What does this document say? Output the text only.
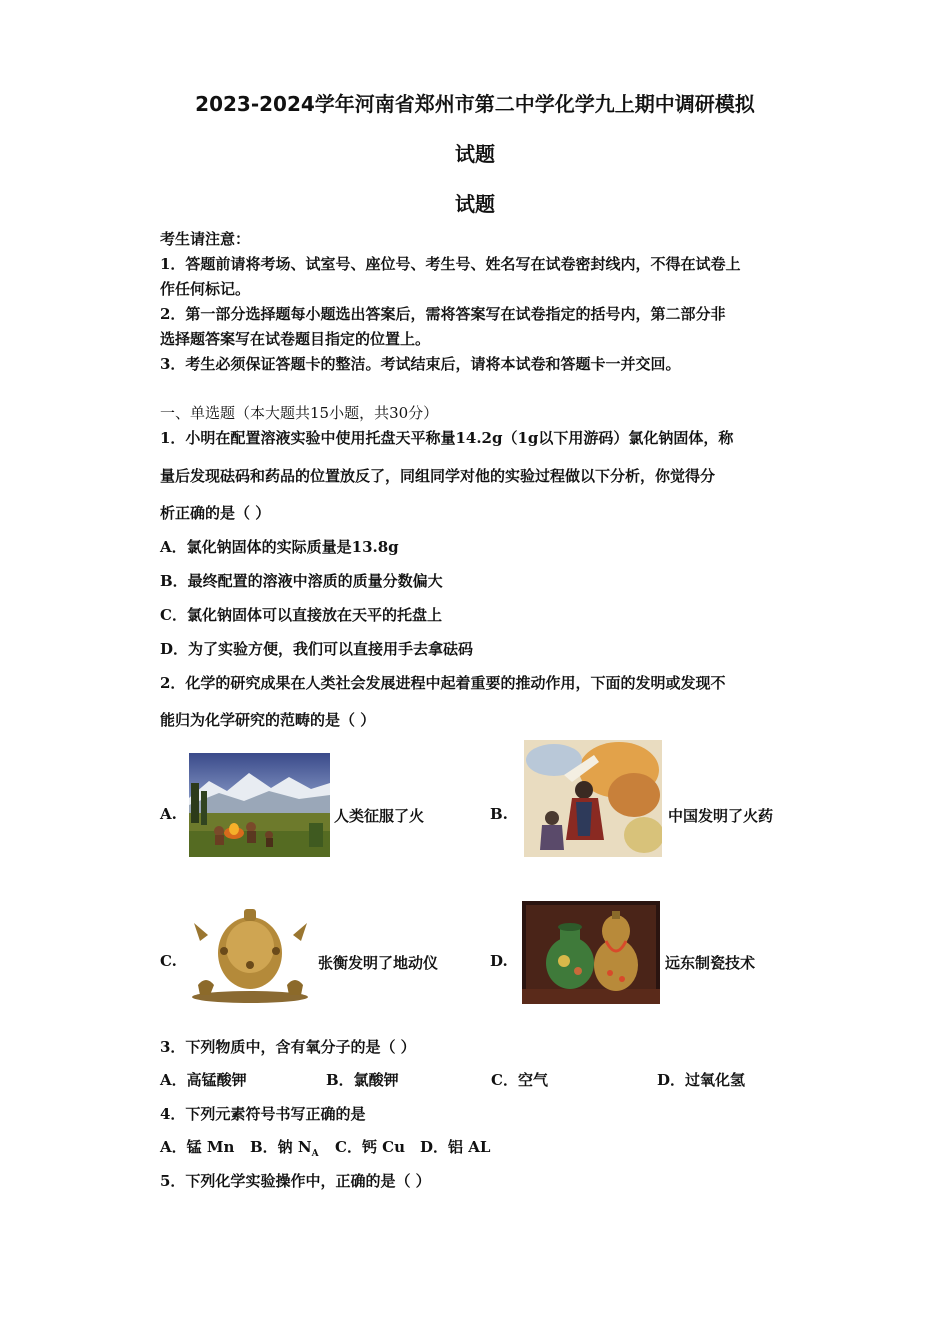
2023-2024学年河南省郑州市第二中学化学九上期中调研模拟
试题
试题
考生请注意：
1．答题前请将考场、试室号、座位号、考生号、姓名写在试卷密封线内，不得在试卷上
作任何标记。
2．第一部分选择题每小题选出答案后，需将答案写在试卷指定的括号内，第二部分非
选择题答案写在试卷题目指定的位置上。
3．考生必须保证答题卡的整洁。考试结束后，请将本试卷和答题卡一并交回。
一、单选题（本大题共15小题，共30分）
1．小明在配置溶液实验中使用托盘天平称量14.2g（1g以下用游码）氯化钠固体，称
量后发现砝码和药品的位置放反了，同组同学对他的实验过程做以下分析，你觉得分
析正确的是（ ）
A．氯化钠固体的实际质量是13.8g
B．最终配置的溶液中溶质的质量分数偏大
C．氯化钠固体可以直接放在天平的托盘上
D．为了实验方便，我们可以直接用手去拿砝码
2．化学的研究成果在人类社会发展进程中起着重要的推动作用，下面的发明或发现不
能归为化学研究的范畴的是（ ）
A.	人类征服了火	B.	中国发明了火药
C.	张衡发明了地动仪	D.	远东制瓷技术
3．下列物质中，含有氧分子的是（ ）
A．高锰酸钾	B．氯酸钾	C．空气	D．过氧化氢
4．下列元素符号书写正确的是
A．锰 Mn B．钠 $N_A$ C．钙 Cu D．铝 AL
5．下列化学实验操作中，正确的是（ ）
